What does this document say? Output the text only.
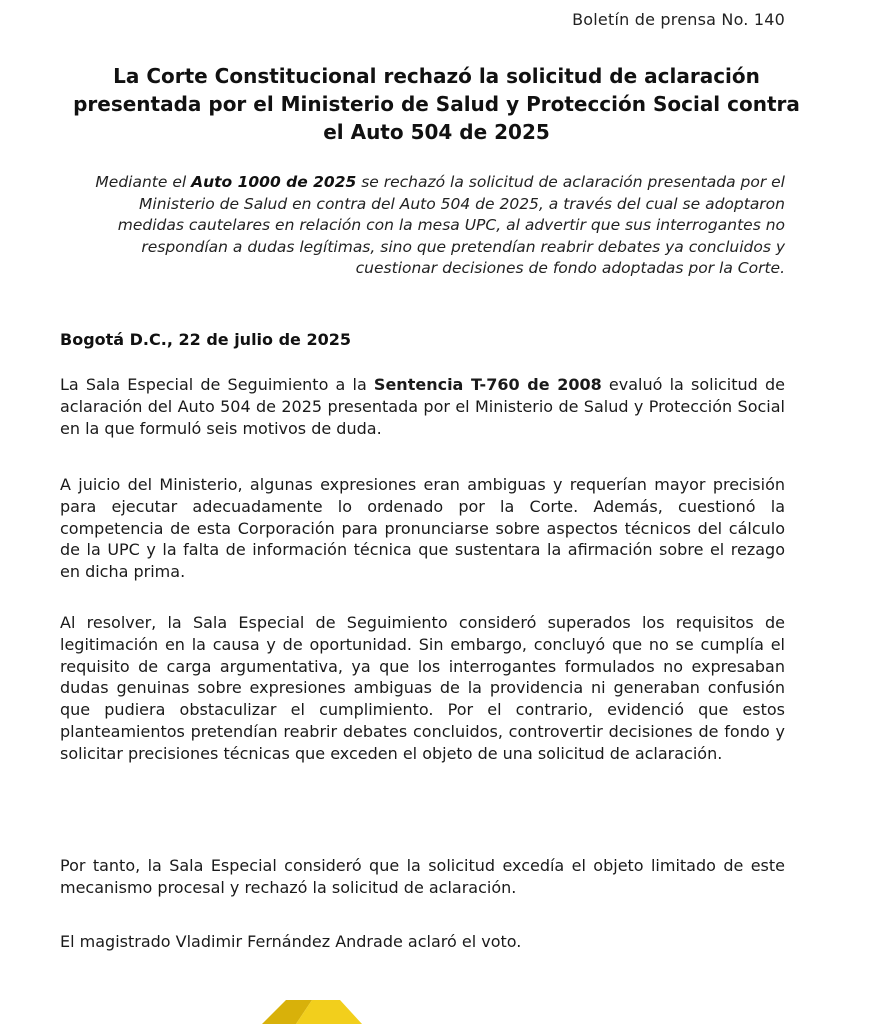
Boletín de prensa No. 140
La Corte Constitucional rechazó la solicitud de aclaración presentada por el Ministerio de Salud y Protección Social contra el Auto 504 de 2025
Mediante el Auto 1000 de 2025 se rechazó la solicitud de aclaración presentada por el Ministerio de Salud en contra del Auto 504 de 2025, a través del cual se adoptaron medidas cautelares en relación con la mesa UPC, al advertir que sus interrogantes no respondían a dudas legítimas, sino que pretendían reabrir debates ya concluidos y cuestionar decisiones de fondo adoptadas por la Corte.
Bogotá D.C., 22 de julio de 2025
La Sala Especial de Seguimiento a la Sentencia T-760 de 2008 evaluó la solicitud de aclaración del Auto 504 de 2025 presentada por el Ministerio de Salud y Protección Social en la que formuló seis motivos de duda.
A juicio del Ministerio, algunas expresiones eran ambiguas y requerían mayor precisión para ejecutar adecuadamente lo ordenado por la Corte. Además, cuestionó la competencia de esta Corporación para pronunciarse sobre aspectos técnicos del cálculo de la UPC y la falta de información técnica que sustentara la afirmación sobre el rezago en dicha prima.
Al resolver, la Sala Especial de Seguimiento consideró superados los requisitos de legitimación en la causa y de oportunidad. Sin embargo, concluyó que no se cumplía el requisito de carga argumentativa, ya que los interrogantes formulados no expresaban dudas genuinas sobre expresiones ambiguas de la providencia ni generaban confusión que pudiera obstaculizar el cumplimiento. Por el contrario, evidenció que estos planteamientos pretendían reabrir debates concluidos, controvertir decisiones de fondo y solicitar precisiones técnicas que exceden el objeto de una solicitud de aclaración.
Por tanto, la Sala Especial consideró que la solicitud excedía el objeto limitado de este mecanismo procesal y rechazó la solicitud de aclaración.
El magistrado Vladimir Fernández Andrade aclaró el voto.
